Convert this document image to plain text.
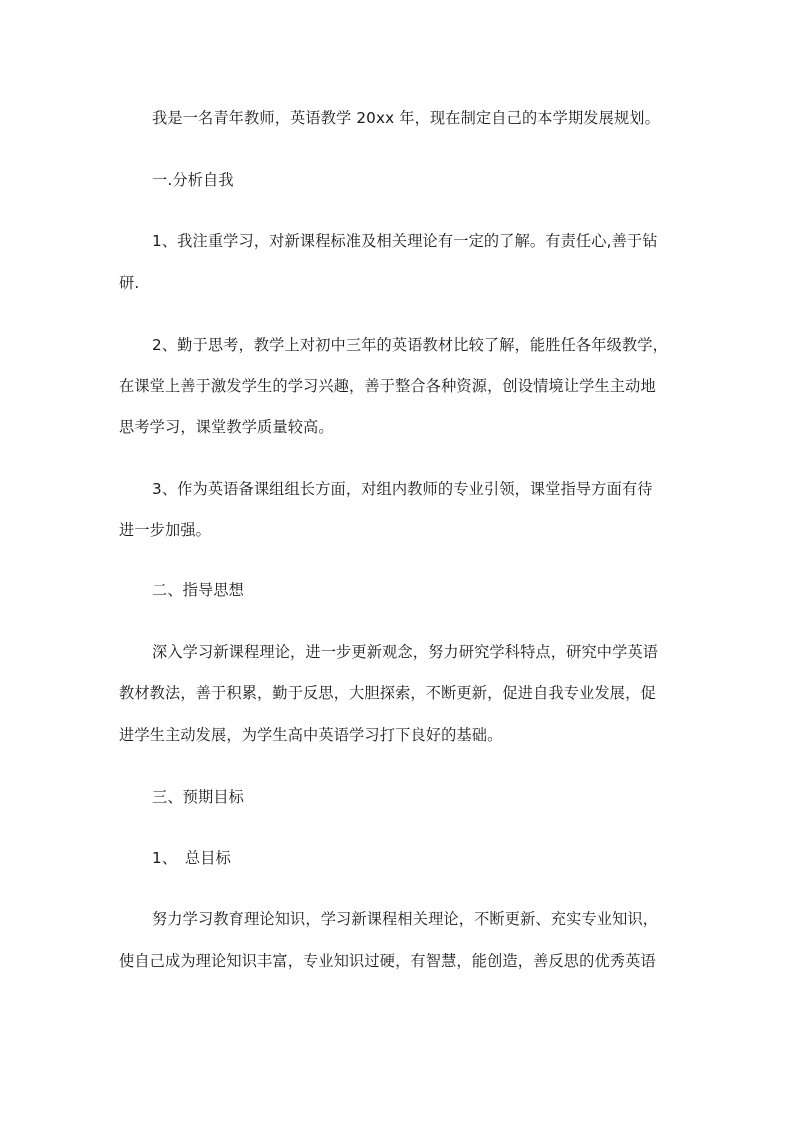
我是一名青年教师，英语教学 20xx 年，现在制定自己的本学期发展规划。
一.分析自我
1、我注重学习，对新课程标准及相关理论有一定的了解。有责任心,善于钻
研.
2、勤于思考，教学上对初中三年的英语教材比较了解，能胜任各年级教学，
在课堂上善于激发学生的学习兴趣，善于整合各种资源，创设情境让学生主动地
思考学习，课堂教学质量较高。
3、作为英语备课组组长方面，对组内教师的专业引领，课堂指导方面有待
进一步加强。
二、指导思想
深入学习新课程理论，进一步更新观念，努力研究学科特点，研究中学英语
教材教法，善于积累，勤于反思，大胆探索，不断更新，促进自我专业发展，促
进学生主动发展，为学生高中英语学习打下良好的基础。
三、预期目标
1、　总目标
努力学习教育理论知识，学习新课程相关理论，不断更新、充实专业知识，
使自己成为理论知识丰富，专业知识过硬，有智慧，能创造，善反思的优秀英语
